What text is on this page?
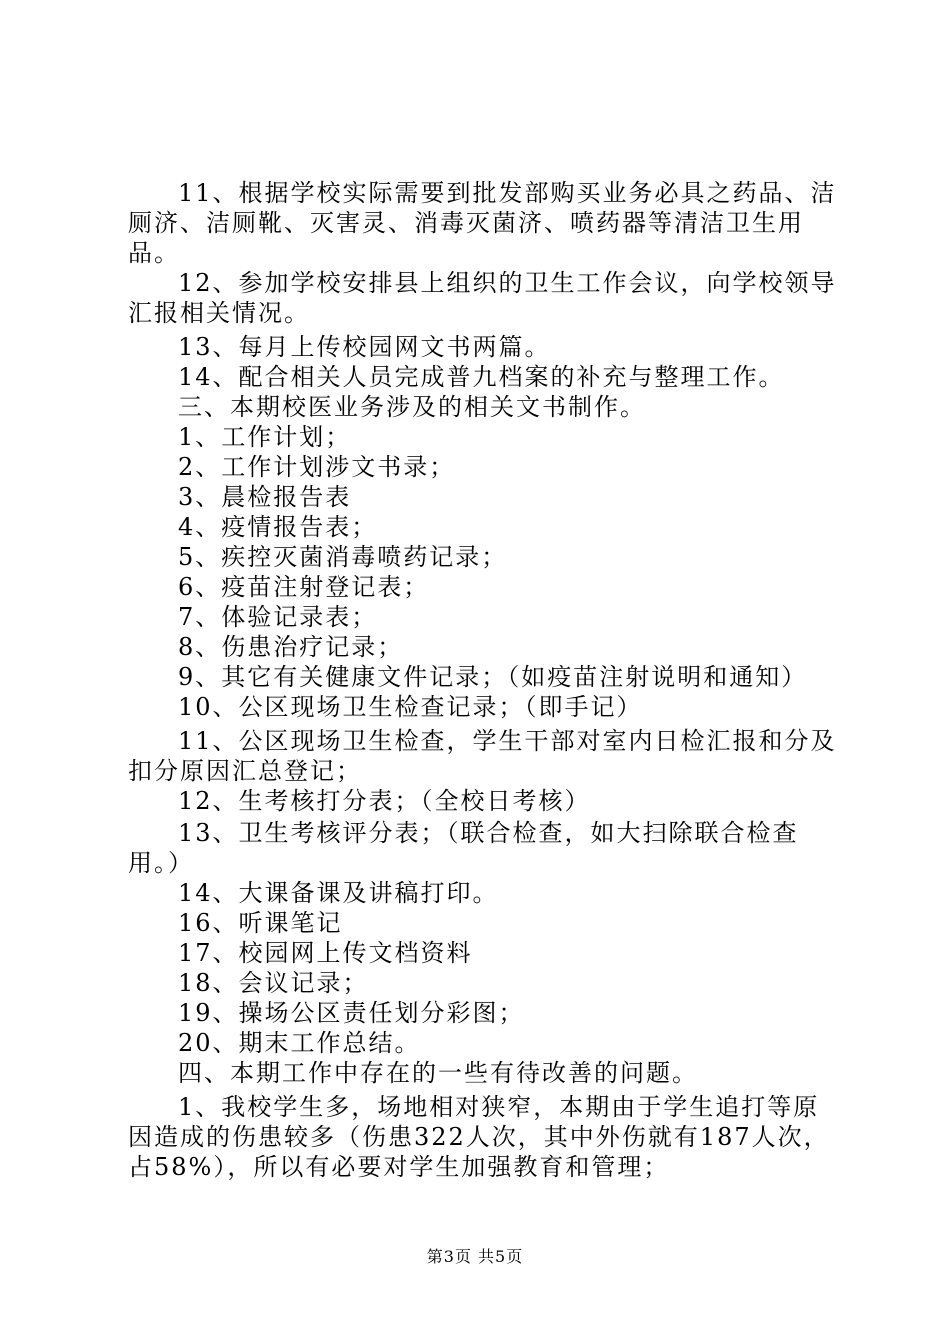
11、根据学校实际需要到批发部购买业务必具之药品、洁厕济、洁厕靴、灭害灵、消毒灭菌济、喷药器等清洁卫生用品。

12、参加学校安排县上组织的卫生工作会议，向学校领导汇报相关情况。

13、每月上传校园网文书两篇。

14、配合相关人员完成普九档案的补充与整理工作。

三、本期校医业务涉及的相关文书制作。

1、工作计划；

2、工作计划涉文书录；

3、晨检报告表

4、疫情报告表；

5、疾控灭菌消毒喷药记录；

6、疫苗注射登记表；

7、体验记录表；

8、伤患治疗记录；

9、其它有关健康文件记录；（如疫苗注射说明和通知）

10、公区现场卫生检查记录；（即手记）

11、公区现场卫生检查，学生干部对室内日检汇报和分及扣分原因汇总登记；

12、生考核打分表；（全校日考核）

13、卫生考核评分表；（联合检查，如大扫除联合检查用。）

14、大课备课及讲稿打印。

16、听课笔记

17、校园网上传文档资料

18、会议记录；

19、操场公区责任划分彩图；

20、期末工作总结。

四、本期工作中存在的一些有待改善的问题。

1、我校学生多，场地相对狭窄，本期由于学生追打等原因造成的伤患较多（伤患322人次，其中外伤就有187人次，占58%），所以有必要对学生加强教育和管理；

第3页 共5页
